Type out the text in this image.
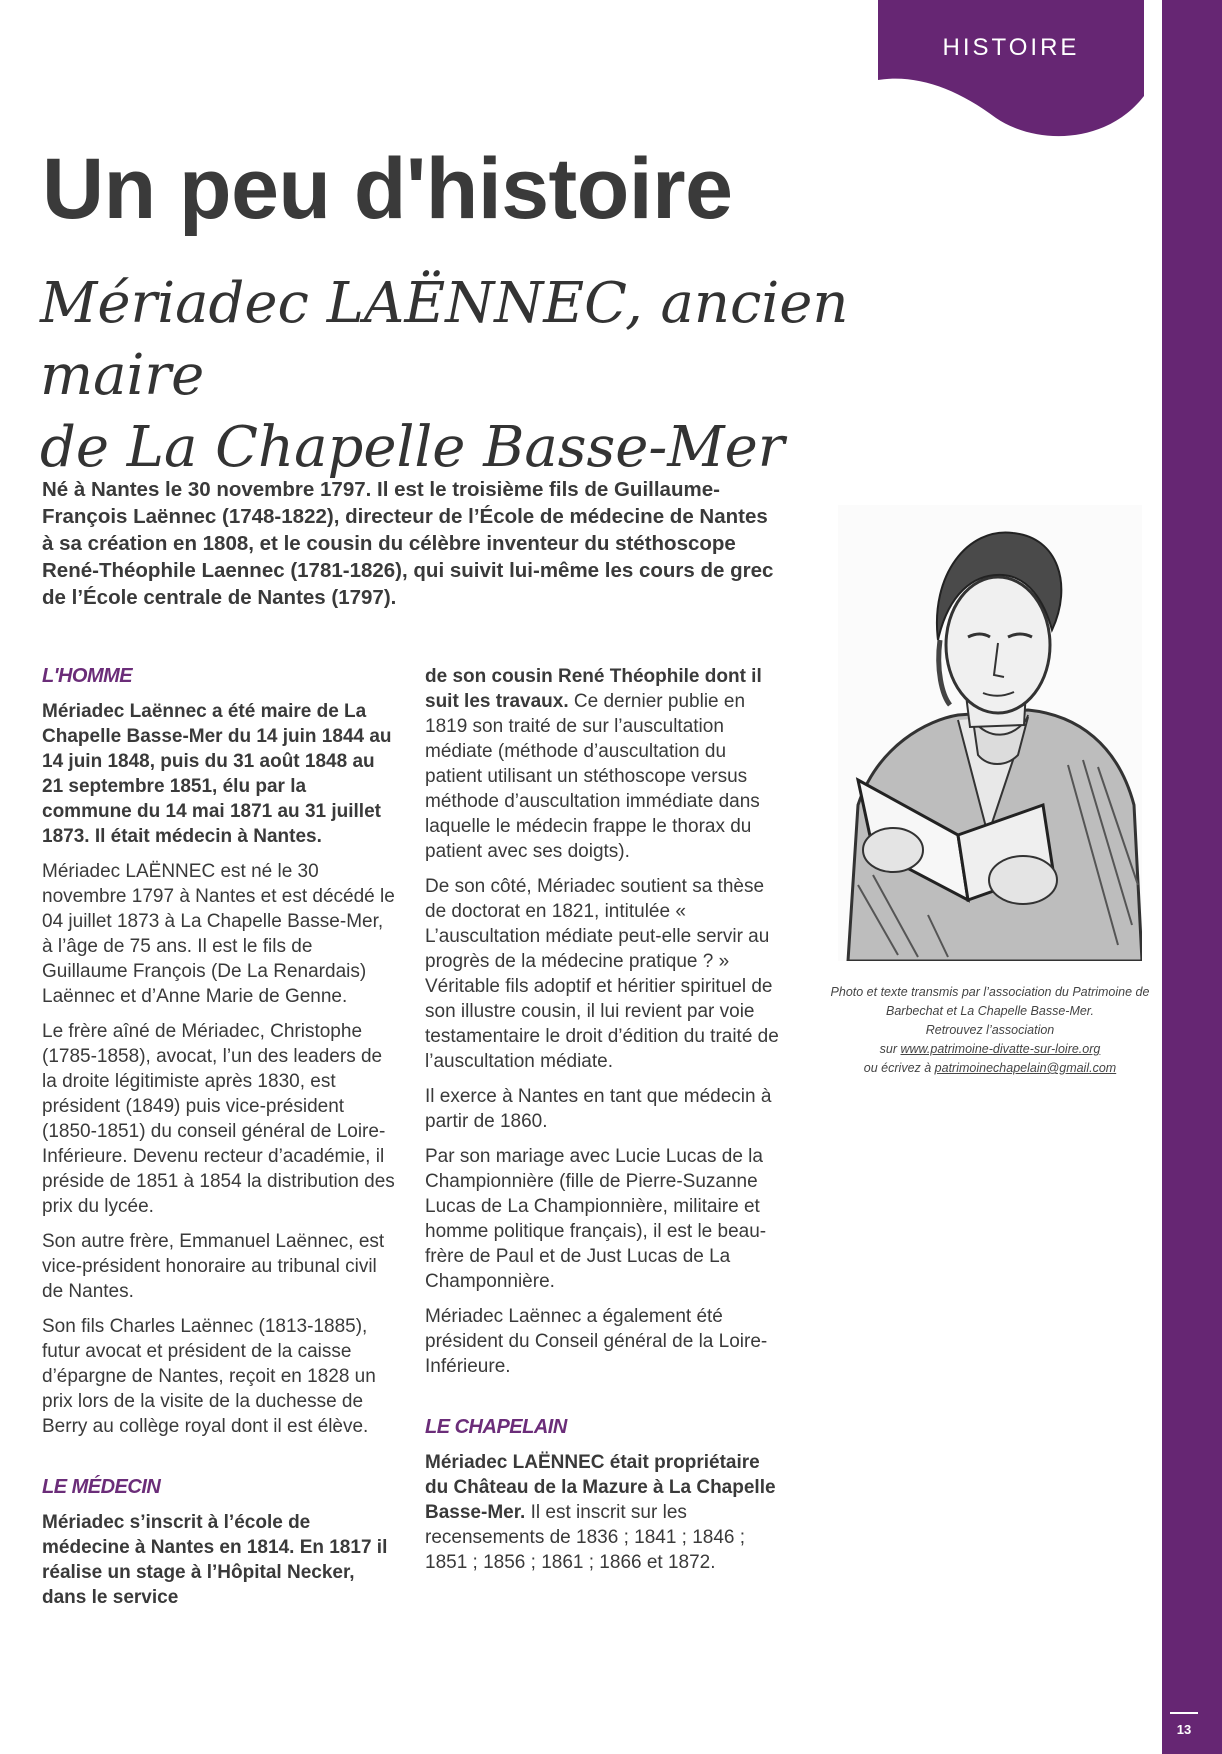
13
HISTOIRE
Un peu d'histoire
Mériadec LAËNNEC, ancien maire
de La Chapelle Basse-Mer

Né à Nantes le 30 novembre 1797. Il est le troisième fils de Guillaume-François Laënnec (1748-1822), directeur de l’École de médecine de Nantes à sa création en 1808, et le cousin du célèbre inventeur du stéthoscope René-Théophile Laennec (1781-1826), qui suivit lui-même les cours de grec de l’École centrale de Nantes (1797).

L'HOMME

Mériadec Laënnec a été maire de La Chapelle Basse-Mer du 14 juin 1844 au 14 juin 1848, puis du 31 août 1848 au 21 septembre 1851, élu par la commune du 14 mai 1871 au 31 juillet 1873. Il était médecin à Nantes.

Mériadec LAËNNEC est né le 30 novembre 1797 à Nantes et est décédé le 04 juillet 1873 à La Chapelle Basse-Mer, à l’âge de 75 ans. Il est le fils de Guillaume François (De La Renardais) Laënnec et d’Anne Marie de Genne.

Le frère aîné de Mériadec, Christophe (1785-1858), avocat, l’un des leaders de la droite légitimiste après 1830, est président (1849) puis vice-président (1850-1851) du conseil général de Loire-Inférieure. Devenu recteur d’académie, il préside de 1851 à 1854 la distribution des prix du lycée.

Son autre frère, Emmanuel Laënnec, est vice-président honoraire au tribunal civil de Nantes.

Son fils Charles Laënnec (1813-1885), futur avocat et président de la caisse d’épargne de Nantes, reçoit en 1828 un prix lors de la visite de la duchesse de Berry au collège royal dont il est élève.

LE MÉDECIN

Mériadec s’inscrit à l’école de médecine à Nantes en 1814. En 1817 il réalise un stage à l’Hôpital Necker, dans le service

de son cousin René Théophile dont il suit les travaux. Ce dernier publie en 1819 son traité de sur l’auscultation médiate (méthode d’auscultation du patient utilisant un stéthoscope versus méthode d’auscultation immédiate dans laquelle le médecin frappe le thorax du patient avec ses doigts).

De son côté, Mériadec soutient sa thèse de doctorat en 1821, intitulée « L’auscultation médiate peut-elle servir au progrès de la médecine pratique ? » Véritable fils adoptif et héritier spirituel de son illustre cousin, il lui revient par voie testamentaire le droit d’édition du traité de l’auscultation médiate.

Il exerce à Nantes en tant que médecin à partir de 1860.

Par son mariage avec Lucie Lucas de la Championnière (fille de Pierre-Suzanne Lucas de La Championnière, militaire et homme politique français), il est le beau-frère de Paul et de Just Lucas de La Champonnière.

Mériadec Laënnec a également été président du Conseil général de la Loire-Inférieure.

LE CHAPELAIN

Mériadec LAËNNEC était propriétaire du Château de la Mazure à La Chapelle Basse-Mer. Il est inscrit sur les recensements de 1836 ; 1841 ; 1846 ; 1851 ; 1856 ; 1861 ; 1866 et 1872.

Photo et texte transmis par l’association du Patrimoine de
Barbechat et La Chapelle Basse-Mer.
Retrouvez l’association
sur www.patrimoine-divatte-sur-loire.org
ou écrivez à patrimoinechapelain@gmail.com
